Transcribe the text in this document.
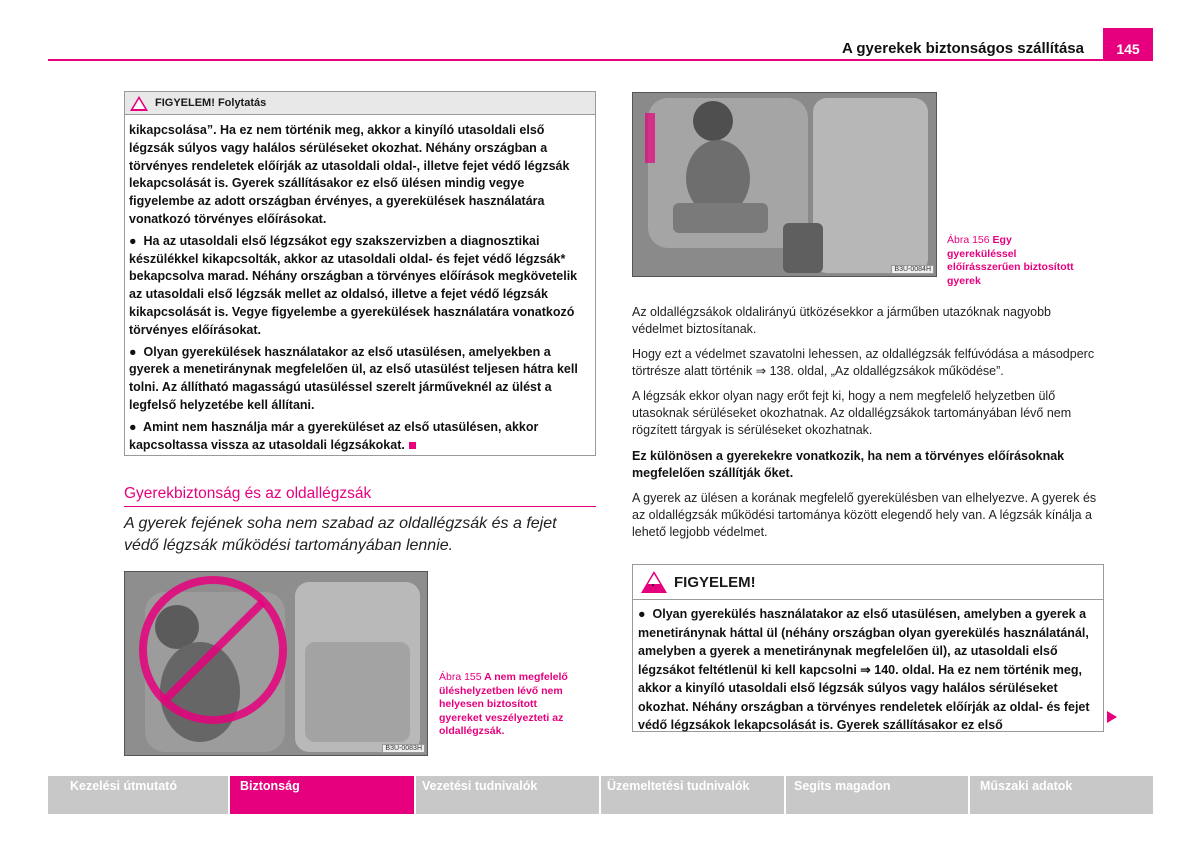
A gyerekek biztonságos szállítása	145
! FIGYELEM! Folytatás

kikapcsolása”. Ha ez nem történik meg, akkor a kinyíló utasoldali első légzsák súlyos vagy halálos sérüléseket okozhat. Néhány országban a törvényes rendeletek előírják az utasoldali oldal-, illetve fejet védő légzsák lekapcsolását is. Gyerek szállításakor ez első ülésen mindig vegye figyelembe az adott országban érvényes, a gyerekülések használatára vonatkozó törvényes előírásokat.

●  Ha az utasoldali első légzsákot egy szakszervizben a diagnosztikai készülékkel kikapcsolták, akkor az utasoldali oldal- és fejet védő légzsák* bekapcsolva marad. Néhány országban a törvényes előírások megkövetelik az utasoldali első légzsák mellet az oldalsó, illetve a fejet védő légzsák kikapcsolását is. Vegye figyelembe a gyerekülések használatára vonatkozó törvényes előírásokat.

●  Olyan gyerekülések használatakor az első utasülésen, amelyekben a gyerek a menetiránynak megfelelően ül, az első utasülést teljesen hátra kell tolni. Az állítható magasságú utasüléssel szerelt járműveknél az ülést a legfelső helyzetébe kell állítani.

●  Amint nem használja már a gyereküléset az első utasülésen, akkor kapcsoltassa vissza az utasoldali légzsákokat.

Gyerekbiztonság és az oldallégzsák
A gyerek fejének soha nem szabad az oldallégzsák és a fejet védő légzsák működési tartományában lennie.
B3U-0083H
Ábra 155 A nem megfelelő üléshelyzetben lévő nem helyesen biztosított gyereket veszélyezteti az oldallégzsák.
B3U-0084H
Ábra 156 Egy gyereküléssel előírásszerűen biztosított gyerek

Az oldallégzsákok oldalirányú ütközésekkor a járműben utazóknak nagyobb védelmet biztosítanak.

Hogy ezt a védelmet szavatolni lehessen, az oldallégzsák felfúvódása a másodperc törtrésze alatt történik ⇒ 138. oldal, „Az oldallégzsákok működése”.

A légzsák ekkor olyan nagy erőt fejt ki, hogy a nem megfelelő helyzetben ülő utasoknak sérüléseket okozhatnak. Az oldallégzsákok tartományában lévő nem rögzített tárgyak is sérüléseket okozhatnak.

Ez különösen a gyerekekre vonatkozik, ha nem a törvényes előírásoknak megfelelően szállítják őket.

A gyerek az ülésen a korának megfelelő gyerekülésben van elhelyezve. A gyerek és az oldallégzsák működési tartománya között elegendő hely van. A légzsák kínálja a lehető legjobb védelmet.

! FIGYELEM!

●  Olyan gyerekülés használatakor az első utasülésen, amelyben a gyerek a menetiránynak háttal ül (néhány országban olyan gyerekülés használatánál, amelyben a gyerek a menetiránynak megfelelően ül), az utasoldali első légzsákot feltétlenül ki kell kapcsolni ⇒ 140. oldal. Ha ez nem történik meg, akkor a kinyíló utasoldali első légzsák súlyos vagy halálos sérüléseket okozhat. Néhány országban a törvényes rendeletek előírják az oldal- és fejet védő légzsákok lekapcsolását is. Gyerek szállításakor ez első

Kezelési útmutató	Biztonság	Vezetési tudnivalók	Üzemeltetési tudnivalók	Segíts magadon	Műszaki adatok
